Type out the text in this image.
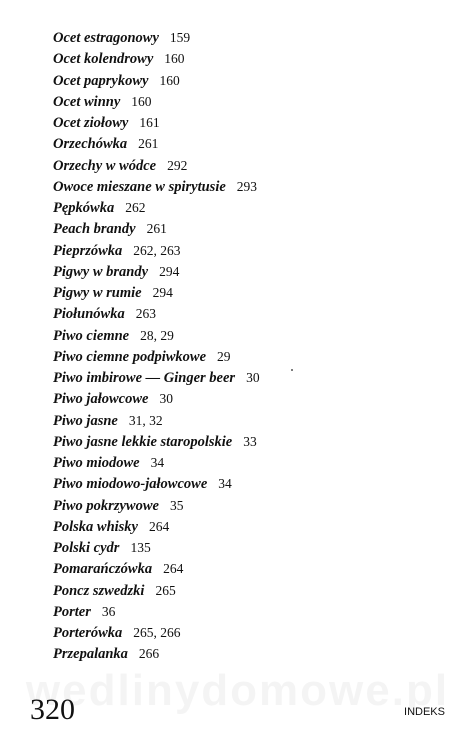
Ocet estragonowy 159
Ocet kolendrowy 160
Ocet paprykowy 160
Ocet winny 160
Ocet ziołowy 161
Orzechówka 261
Orzechy w wódce 292
Owoce mieszane w spirytusie 293
Pępkówka 262
Peach brandy 261
Pieprzówka 262, 263
Pigwy w brandy 294
Pigwy w rumie 294
Piołunówka 263
Piwo ciemne 28, 29
Piwo ciemne podpiwkowe 29
Piwo imbirowe — Ginger beer 30
Piwo jałowcowe 30
Piwo jasne 31, 32
Piwo jasne lekkie staropolskie 33
Piwo miodowe 34
Piwo miodowo-jałowcowe 34
Piwo pokrzywowe 35
Polska whisky 264
Polski cydr 135
Pomarańczówka 264
Poncz szwedzki 265
Porter 36
Porterówka 265, 266
Przepalanka 266
320	INDEKS
